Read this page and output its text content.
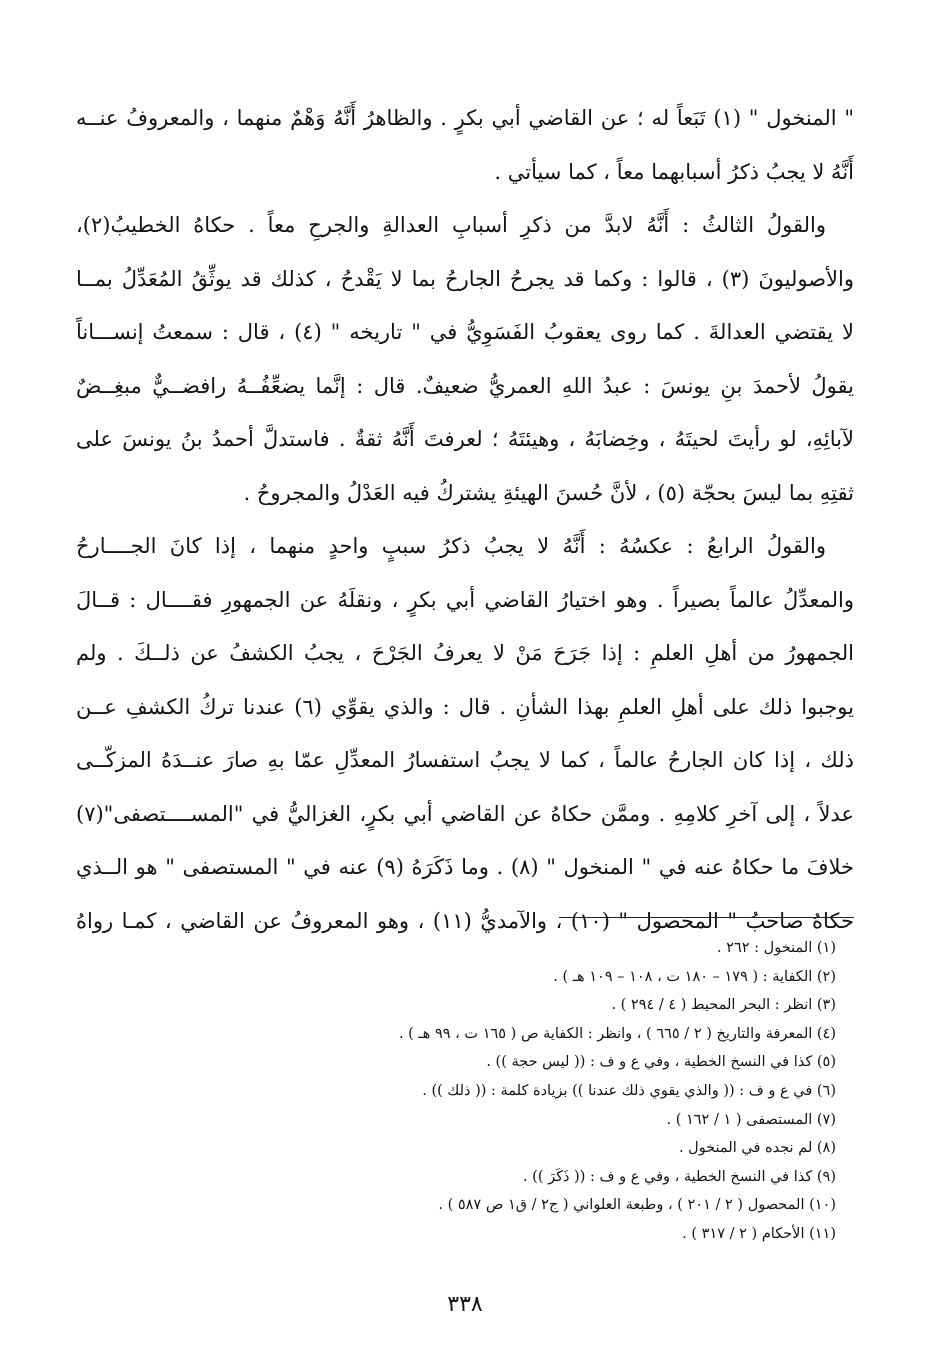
" المنخول " (١) تَبَعاً له ؛ عن القاضي أبي بكرٍ . والظاهرُ أَنَّهُ وَهْمٌ منهما ، والمعروفُ عنــه
أَنَّهُ لا يجبُ ذكرُ أسبابهما معاً ، كما سيأتي .
والقولُ الثالثُ : أَنَّهُ لابدَّ من ذكرِ أسبابِ العدالةِ والجرحِ معاً . حكاهُ الخطيبُ(٢)،
والأصوليونَ (٣) ، قالوا : وكما قد يجرحُ الجارحُ بما لا يَقْدحُ ، كذلك قد يوثِّقُ المُعَدِّلُ بمــا
لا يقتضي العدالةَ . كما روى يعقوبُ الفَسَوِيُّ في " تاريخه " (٤) ، قال : سمعتُ إنســـاناً
يقولُ لأحمدَ بنِ يونسَ : عبدُ اللهِ العمريُّ ضعيفٌ. قال : إنَّما يضعِّفُــهُ رافضــيٌّ مبغِــضٌ
لآبائِهِ، لو رأيتَ لحيتَهُ ، وخِضابَهُ ، وهيئتَهُ ؛ لعرفتَ أَنَّهُ ثقةٌ . فاستدلَّ أحمدُ بنُ يونسَ على
ثقتِهِ بما ليسَ بحجّة (٥) ، لأنَّ حُسنَ الهيئةِ يشتركُ فيه العَدْلُ والمجروحُ .
والقولُ الرابعُ : عكسُهُ : أَنَّهُ لا يجبُ ذكرُ سببٍ واحدٍ منهما ، إذا كانَ الجــــارحُ
والمعدِّلُ عالماً بصيراً . وهو اختيارُ القاضي أبي بكرٍ ، ونقلَهُ عن الجمهورِ فقــــال : قــالَ
الجمهورُ من أهلِ العلمِ : إذا جَرَحَ مَنْ لا يعرفُ الجَرْحَ ، يجبُ الكشفُ عن ذلــكَ . ولم
يوجبوا ذلك على أهلِ العلمِ بهذا الشأنِ . قال : والذي يقوِّي (٦) عندنا تركُ الكشفِ عــن
ذلك ، إذا كان الجارحُ عالماً ، كما لا يجبُ استفسارُ المعدِّلِ عمّا بهِ صارَ عنــدَهُ المزكّــى
عدلاً ، إلى آخرِ كلامِهِ . وممَّن حكاهُ عن القاضي أبي بكرٍ، الغزاليُّ في "المســــتصفى"(٧)
خلافَ ما حكاهُ عنه في " المنخول " (٨) . وما ذَكَرَهُ (٩) عنه في " المستصفى " هو الــذي
حكاهُ صاحبُ " المحصول " (١٠) ، والآمديُّ (١١) ، وهو المعروفُ عن القاضي ، كمـا رواهُ
(١) المنخول : ٢٦٢ .
(٢) الكفاية : ( ١٧٩ – ١٨٠ ت ، ١٠٨ – ١٠٩ هـ ) .
(٣) انظر : البحر المحيط ( ٤ / ٢٩٤ ) .
(٤) المعرفة والتاريخ ( ٢ / ٦٦٥ ) ، وانظر : الكفاية ص ( ١٦٥ ت ، ٩٩ هـ ) .
(٥) كذا في النسخ الخطية ، وفي ع و ف : (( ليس حجة )) .
(٦) في ع و ف : (( والذي يقوي ذلك عندنا )) بزيادة كلمة : (( ذلك )) .
(٧) المستصفى ( ١ / ١٦٢ ) .
(٨) لم نجده في المنخول .
(٩) كذا في النسخ الخطية ، وفي ع و ف : (( ذَكَرَ )) .
(١٠) المحصول ( ٢ / ٢٠١ ) ، وطبعة العلواني ( ج٢ / ق١ ص ٥٨٧ ) .
(١١) الأحكام ( ٢ / ٣١٧ ) .
٣٣٨
